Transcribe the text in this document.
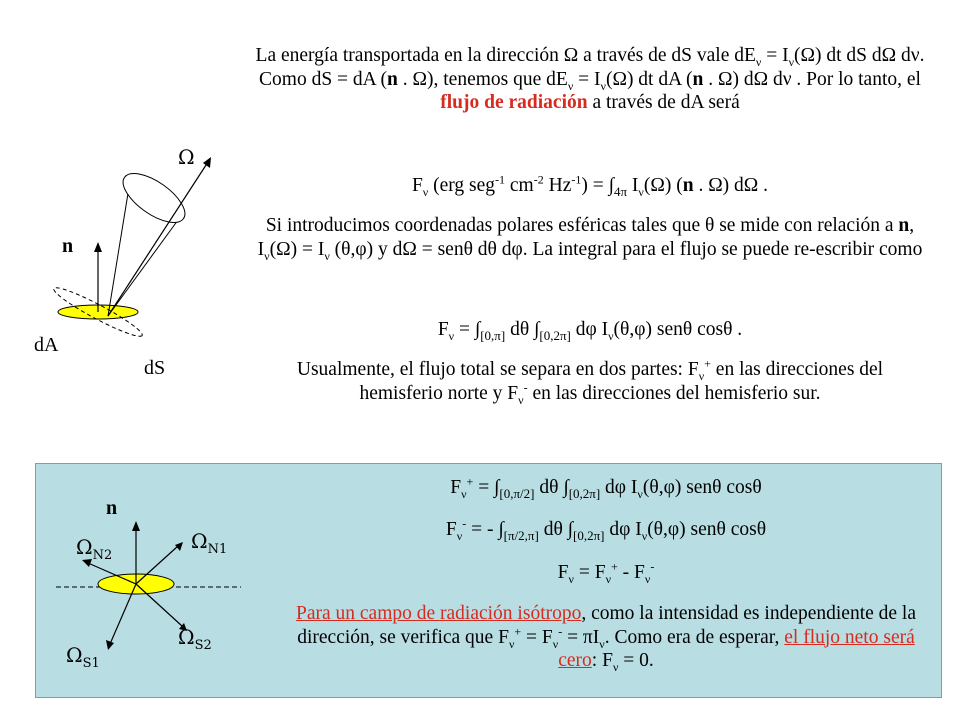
La energía transportada en la dirección Ω a través de dS vale $dE_\nu = I_\nu(\Omega)$ dt dS dΩ dν. Como dS = dA (n . Ω), tenemos que $dE_\nu = I_\nu(\Omega)$ dt dA (n . Ω) dΩ dν . Por lo tanto, el flujo de radiación a través de dA será

$F_\nu$ (erg seg$^{-1}$ $cm^{-2}$ $Hz^{-1}) = \int_{4\pi}$ $I_\nu(\Omega)$ (n . Ω) dΩ .

Si introducimos coordenadas polares esféricas tales que θ se mide con relación a n, $I_\nu(\Omega) = I_\nu$ (θ,φ) y dΩ = senθ dθ dφ. La integral para el flujo se puede re-escribir como

$F_\nu = \int_{[0,\pi]}$ dθ $\int_{[0,2\pi]}$ dφ $I_\nu(\theta,\varphi)$ senθ cosθ .

Usualmente, el flujo total se separa en dos partes: $F_\nu^+$ en las direcciones del hemisferio norte y $F_\nu^-$ en las direcciones del hemisferio sur.

Ω
n
dA
dS
n
$\Omega_{N2}$
$\Omega_{N1}$
$\Omega_{S2}$
$\Omega_{S1}$

$F_\nu^+ = \int_{[0,\pi/2]}$ dθ $\int_{[0,2\pi]}$ dφ $I_\nu(\theta,\varphi)$ senθ cosθ

$F_\nu^-$ = - $\int_{[\pi/2,\pi]}$ dθ $\int_{[0,2\pi]}$ dφ $I_\nu(\theta,\varphi)$ senθ cosθ

$F_\nu = F_\nu^+ - F_\nu^-$

Para un campo de radiación isótropo, como la intensidad es independiente de la dirección, se verifica que $F_\nu^+ = F_\nu^- = \pi I_\nu$. Como era de esperar, el flujo neto será cero: $F_\nu = 0$.
